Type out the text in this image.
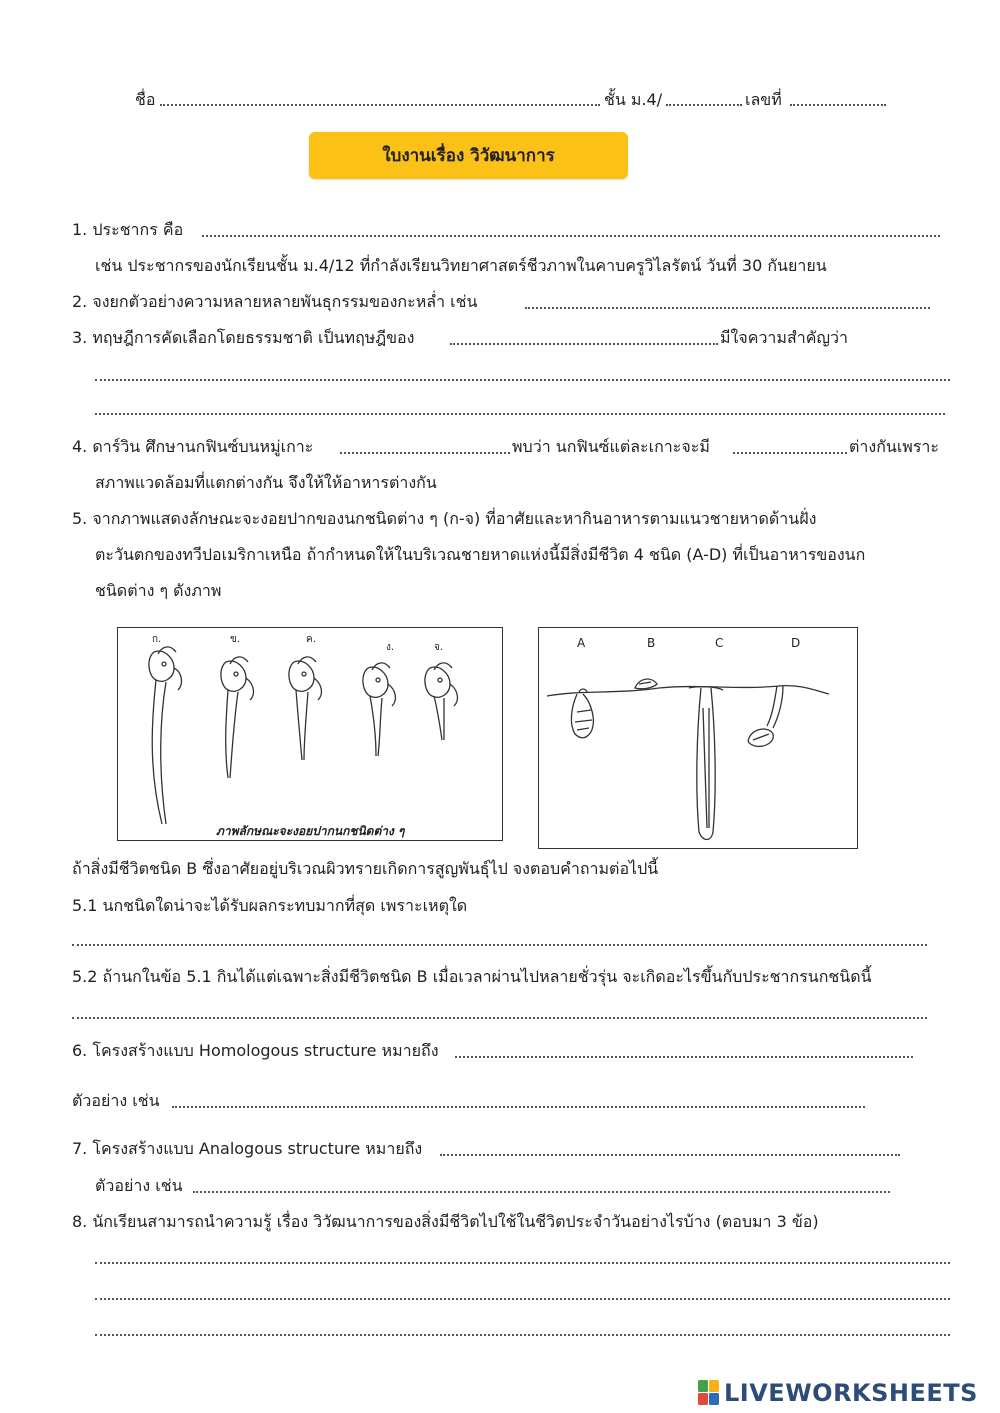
ชื่อ	ชั้น ม.4/	เลขที่
ใบงานเรื่อง วิวัฒนาการ
1. ประชากร คือ
เช่น ประชากรของนักเรียนชั้น ม.4/12 ที่กำลังเรียนวิทยาศาสตร์ชีวภาพในคาบครูวิไลรัตน์ วันที่ 30 กันยายน
2. จงยกตัวอย่างความหลายหลายพันธุกรรมของกะหล่ำ เช่น
3. ทฤษฎีการคัดเลือกโดยธรรมชาติ เป็นทฤษฎีของ	มีใจความสำคัญว่า
4. ดาร์วิน ศึกษานกฟินซ์บนหมู่เกาะ	พบว่า นกฟินซ์แต่ละเกาะจะมี	ต่างกันเพราะ
สภาพแวดล้อมที่แตกต่างกัน จึงให้ให้อาหารต่างกัน
5. จากภาพแสดงลักษณะจะงอยปากของนกชนิดต่าง ๆ (ก-จ) ที่อาศัยและหากินอาหารตามแนวชายหาดด้านฝั่ง
ตะวันตกของทวีปอเมริกาเหนือ ถ้ากำหนดให้ในบริเวณชายหาดแห่งนี้มีสิ่งมีชีวิต 4 ชนิด (A-D) ที่เป็นอาหารของนก
ชนิดต่าง ๆ ดังภาพ
ก.	ข.	ค.
ง.	จ.
ภาพลักษณะจะงอยปากนกชนิดต่าง ๆ
A	B	C	D
ถ้าสิ่งมีชีวิตชนิด B ซึ่งอาศัยอยู่บริเวณผิวทรายเกิดการสูญพันธุ์ไป จงตอบคำถามต่อไปนี้
5.1 นกชนิดใดน่าจะได้รับผลกระทบมากที่สุด เพราะเหตุใด
5.2 ถ้านกในข้อ 5.1 กินได้แต่เฉพาะสิ่งมีชีวิตชนิด B เมื่อเวลาผ่านไปหลายชั่วรุ่น จะเกิดอะไรขึ้นกับประชากรนกชนิดนี้
6. โครงสร้างแบบ Homologous structure หมายถึง
ตัวอย่าง เช่น
7. โครงสร้างแบบ Analogous structure หมายถึง
ตัวอย่าง เช่น
8. นักเรียนสามารถนำความรู้ เรื่อง วิวัฒนาการของสิ่งมีชีวิตไปใช้ในชีวิตประจำวันอย่างไรบ้าง (ตอบมา 3 ข้อ)
LIVEWORKSHEETS
